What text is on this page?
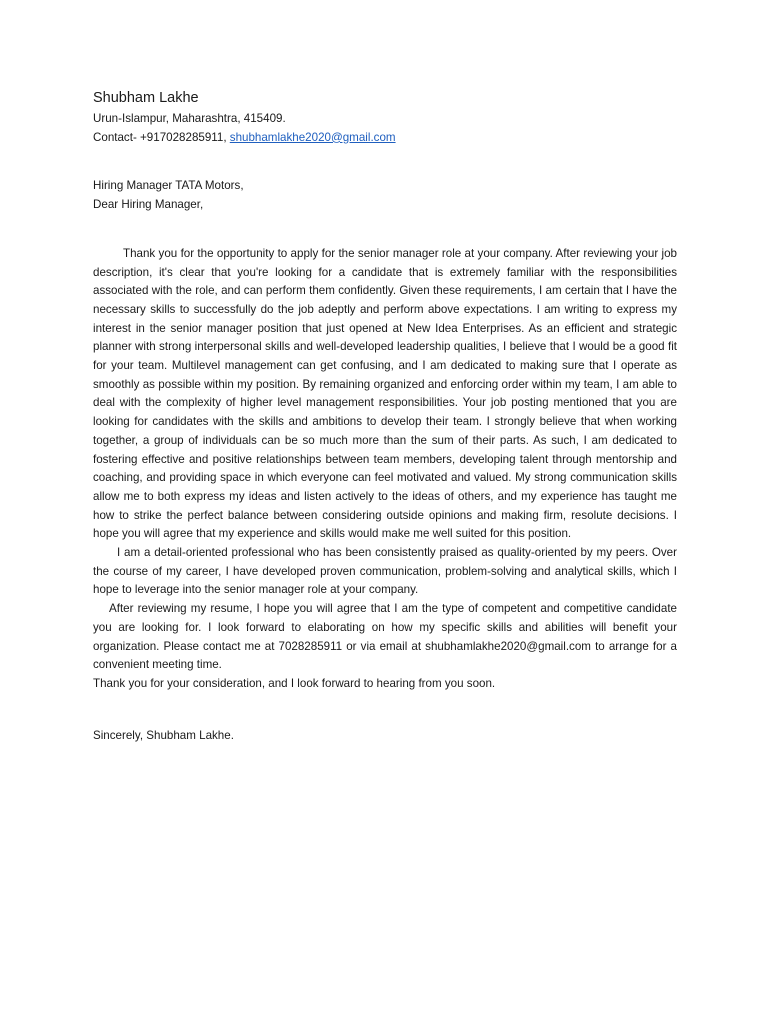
Shubham Lakhe
Urun-Islampur, Maharashtra, 415409.
Contact- +917028285911, shubhamlakhe2020@gmail.com
Hiring Manager TATA Motors,
Dear Hiring Manager,

Thank you for the opportunity to apply for the senior manager role at your company. After reviewing your job description, it's clear that you're looking for a candidate that is extremely familiar with the responsibilities associated with the role, and can perform them confidently. Given these requirements, I am certain that I have the necessary skills to successfully do the job adeptly and perform above expectations. I am writing to express my interest in the senior manager position that just opened at New Idea Enterprises. As an efficient and strategic planner with strong interpersonal skills and well-developed leadership qualities, I believe that I would be a good fit for your team. Multilevel management can get confusing, and I am dedicated to making sure that I operate as smoothly as possible within my position. By remaining organized and enforcing order within my team, I am able to deal with the complexity of higher level management responsibilities. Your job posting mentioned that you are looking for candidates with the skills and ambitions to develop their team. I strongly believe that when working together, a group of individuals can be so much more than the sum of their parts. As such, I am dedicated to fostering effective and positive relationships between team members, developing talent through mentorship and coaching, and providing space in which everyone can feel motivated and valued. My strong communication skills allow me to both express my ideas and listen actively to the ideas of others, and my experience has taught me how to strike the perfect balance between considering outside opinions and making firm, resolute decisions. I hope you will agree that my experience and skills would make me well suited for this position.

I am a detail-oriented professional who has been consistently praised as quality-oriented by my peers. Over the course of my career, I have developed proven communication, problem-solving and analytical skills, which I hope to leverage into the senior manager role at your company.

After reviewing my resume, I hope you will agree that I am the type of competent and competitive candidate you are looking for. I look forward to elaborating on how my specific skills and abilities will benefit your organization. Please contact me at 7028285911 or via email at shubhamlakhe2020@gmail.com to arrange for a convenient meeting time.

Thank you for your consideration, and I look forward to hearing from you soon.

Sincerely, Shubham Lakhe.
